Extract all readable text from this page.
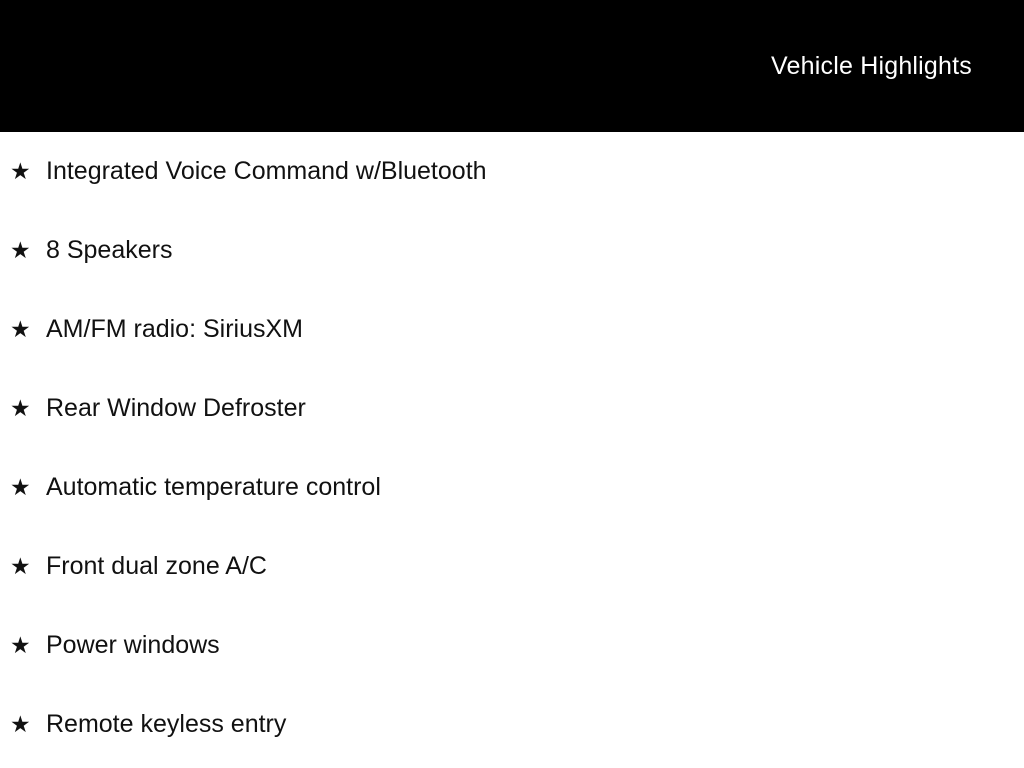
Vehicle Highlights
★ Integrated Voice Command w/Bluetooth
★ 8 Speakers
★ AM/FM radio: SiriusXM
★ Rear Window Defroster
★ Automatic temperature control
★ Front dual zone A/C
★ Power windows
★ Remote keyless entry
